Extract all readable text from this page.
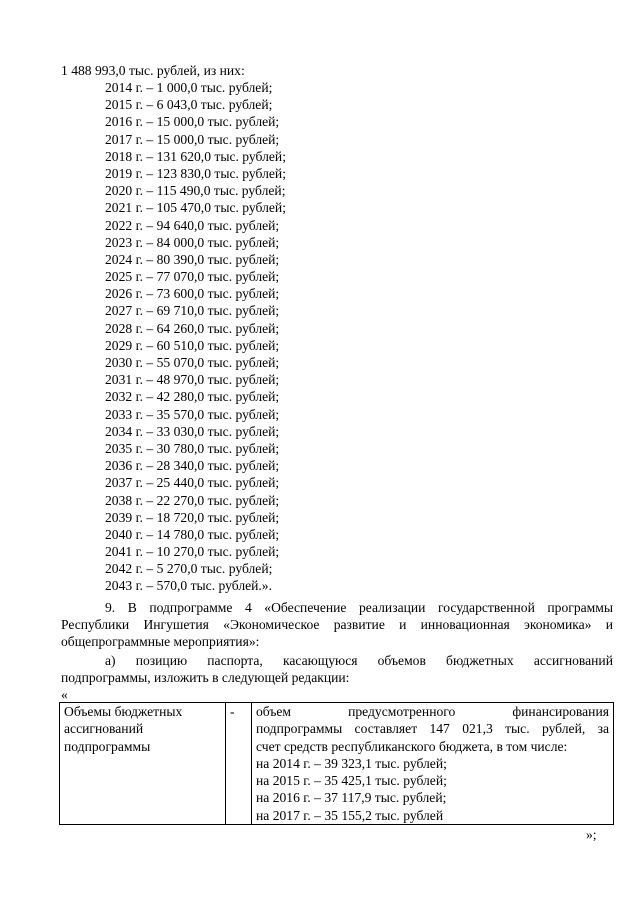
1 488 993,0 тыс. рублей, из них:
2014 г. – 1 000,0 тыс. рублей;
2015 г. – 6 043,0 тыс. рублей;
2016 г. – 15 000,0 тыс. рублей;
2017 г. – 15 000,0 тыс. рублей;
2018 г. – 131 620,0 тыс. рублей;
2019 г. – 123 830,0 тыс. рублей;
2020 г. – 115 490,0 тыс. рублей;
2021 г. – 105 470,0 тыс. рублей;
2022 г. – 94 640,0 тыс. рублей;
2023 г. – 84 000,0 тыс. рублей;
2024 г. – 80 390,0 тыс. рублей;
2025 г. – 77 070,0 тыс. рублей;
2026 г. – 73 600,0 тыс. рублей;
2027 г. – 69 710,0 тыс. рублей;
2028 г. – 64 260,0 тыс. рублей;
2029 г. – 60 510,0 тыс. рублей;
2030 г. – 55 070,0 тыс. рублей;
2031 г. – 48 970,0 тыс. рублей;
2032 г. – 42 280,0 тыс. рублей;
2033 г. – 35 570,0 тыс. рублей;
2034 г. – 33 030,0 тыс. рублей;
2035 г. – 30 780,0 тыс. рублей;
2036 г. – 28 340,0 тыс. рублей;
2037 г. – 25 440,0 тыс. рублей;
2038 г. – 22 270,0 тыс. рублей;
2039 г. – 18 720,0 тыс. рублей;
2040 г. – 14 780,0 тыс. рублей;
2041 г. – 10 270,0 тыс. рублей;
2042 г. – 5 270,0 тыс. рублей;
2043 г. – 570,0 тыс. рублей.».
9. В подпрограмме 4 «Обеспечение реализации государственной программы
Республики Ингушетия «Экономическое развитие и инновационная экономика» и
общепрограммные мероприятия»:
а) позицию паспорта, касающуюся объемов бюджетных ассигнований
подпрограммы, изложить в следующей редакции:
«
Объемы бюджетных
ассигнований
подпрограммы
	-	объем предусмотренного финансирования
подпрограммы составляет 147 021,3 тыс. рублей, за
счет средств республиканского бюджета, в том числе:
на 2014 г. – 39 323,1 тыс. рублей;
на 2015 г. – 35 425,1 тыс. рублей;
на 2016 г. – 37 117,9 тыс. рублей;
на 2017 г. – 35 155,2 тыс. рублей
»;
